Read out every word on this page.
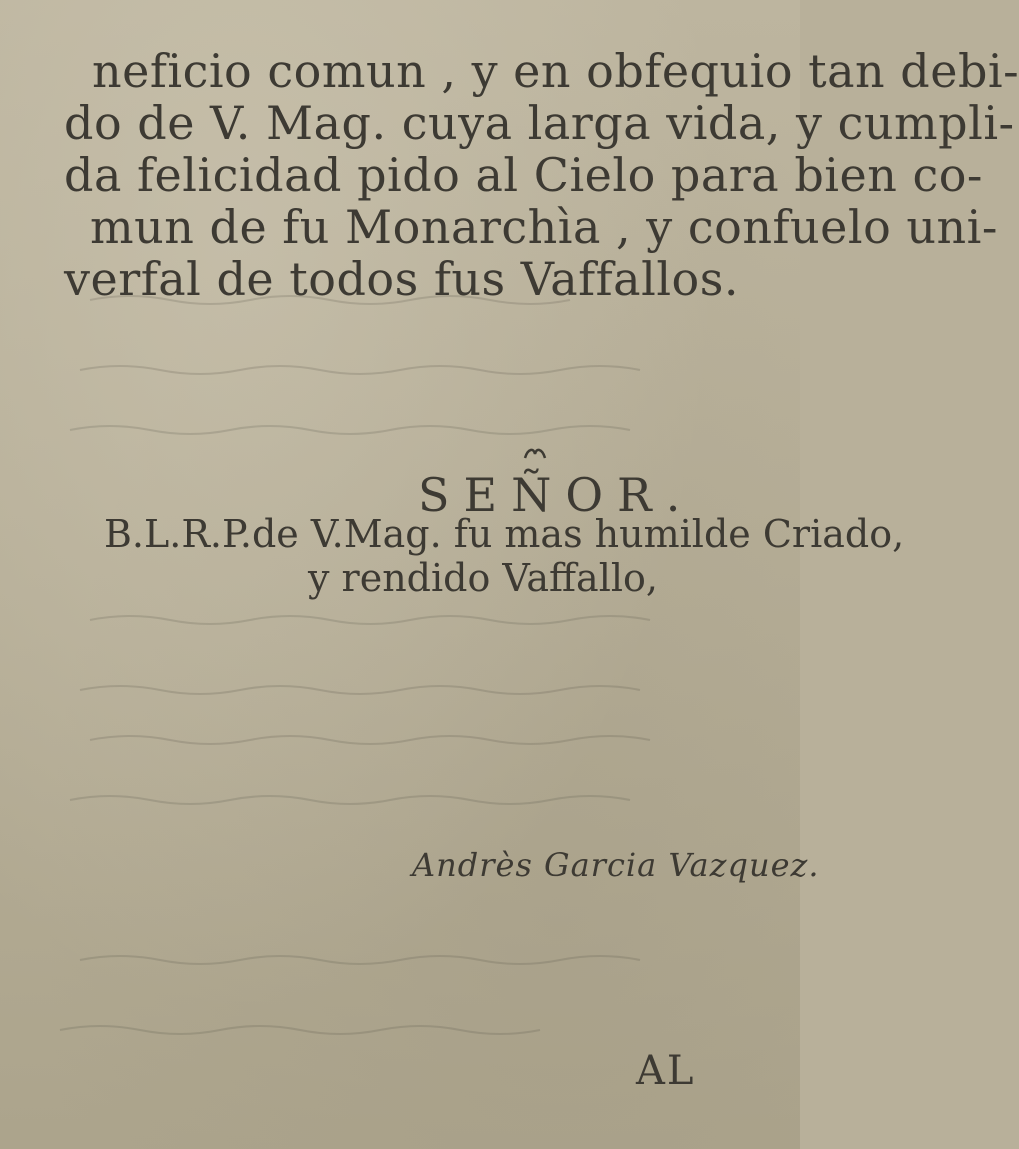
neficio comun , y en obfequio tan debi-
do de V. Mag. cuya larga vida, y cumpli-
da felicidad pido al Cielo para bien co-
mun de fu Monarchìa , y confuelo uni-
verfal de todos fus Vaffallos.
SEÑOR.
B.L.R.P.de V.Mag. fu mas humilde Criado,
y rendido Vaffallo,
Andrès Garcia Vazquez.
AL
